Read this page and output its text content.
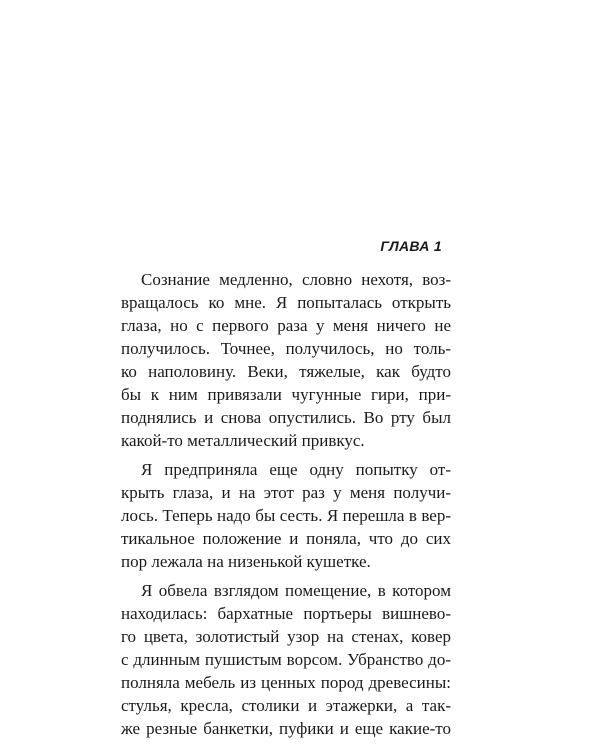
ГЛАВА 1
Сознание медленно, словно нехотя, воз-
вращалось ко мне. Я попыталась открыть
глаза, но с первого раза у меня ничего не
получилось. Точнее, получилось, но толь-
ко наполовину. Веки, тяжелые, как будто
бы к ним привязали чугунные гири, при-
поднялись и снова опустились. Во рту был
какой-то металлический привкус.
Я предприняла еще одну попытку от-
крыть глаза, и на этот раз у меня получи-
лось. Теперь надо бы сесть. Я перешла в вер-
тикальное положение и поняла, что до сих
пор лежала на низенькой кушетке.
Я обвела взглядом помещение, в котором
находилась: бархатные портьеры вишнево-
го цвета, золотистый узор на стенах, ковер
с длинным пушистым ворсом. Убранство до-
полняла мебель из ценных пород древесины:
стулья, кресла, столики и этажерки, а так-
же резные банкетки, пуфики и еще какие-то
